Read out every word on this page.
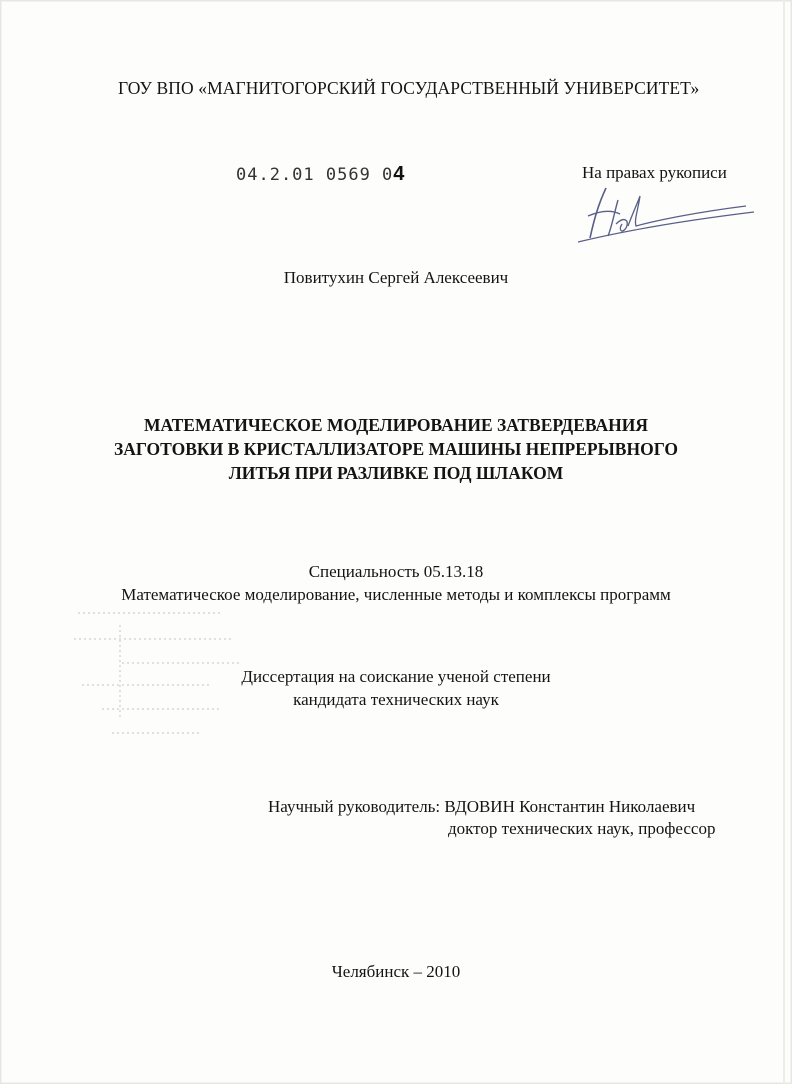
ГОУ ВПО «МАГНИТОГОРСКИЙ ГОСУДАРСТВЕННЫЙ УНИВЕРСИТЕТ»
04.2.01 0569 04	На правах рукописи
Повитухин Сергей Алексеевич
МАТЕМАТИЧЕСКОЕ МОДЕЛИРОВАНИЕ ЗАТВЕРДЕВАНИЯ
ЗАГОТОВКИ В КРИСТАЛЛИЗАТОРЕ МАШИНЫ НЕПРЕРЫВНОГО
ЛИТЬЯ ПРИ РАЗЛИВКЕ ПОД ШЛАКОМ
Специальность 05.13.18
Математическое моделирование, численные методы и комплексы программ
Диссертация на соискание ученой степени
кандидата технических наук
Научный руководитель: ВДОВИН Константин Николаевич
доктор технических наук, профессор
Челябинск – 2010
